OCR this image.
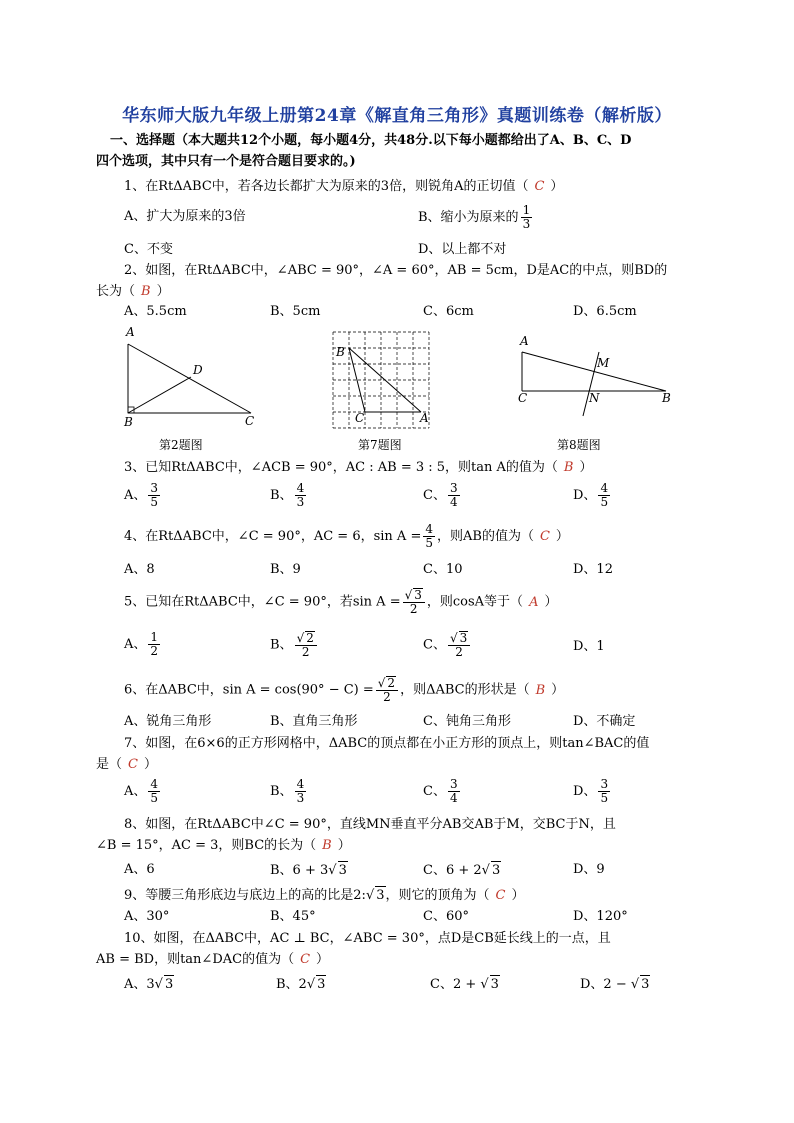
华东师大版九年级上册第24章《解直角三角形》真题训练卷（解析版）
一、选择题（本大题共12个小题，每小题4分，共48分.以下每小题都给出了A、B、C、D
四个选项，其中只有一个是符合题目要求的。)
1、在RtΔABC中，若各边长都扩大为原来的3倍，则锐角A的正切值（ C ）
A、扩大为原来的3倍	B、缩小为原来的 $\frac{1}{3}$
C、不变	D、以上都不对
2、如图，在RtΔABC中，∠ABC = 90°，∠A = 60°，AB = 5cm，D是AC的中点，则BD的
长为（ B ）
A、5.5cm	B、5cm	C、6cm	D、6.5cm
A
B	C
D
第2题图
B
C	A
第7题图
A
C	B
M
N
第8题图
3、已知RtΔABC中，∠ACB = 90°，AC : AB = 3 : 5，则tan A的值为（ B ）
A、 $\frac{3}{5}$	B、 $\frac{4}{3}$	C、 $\frac{3}{4}$	D、 $\frac{4}{5}$
4、在RtΔABC中，∠C = 90°，AC = 6，$\sin A = \frac{4}{5}$ ，则AB的值为（ C ）
A、8	B、9	C、10	D、12
5、已知在RtΔABC中，∠C = 90°，若$\sin A = \frac{√ 3}{2}$ ，则cosA等于（ A ）
A、 $\frac{1}{2}$	B、 $\frac{√ 2}{2}$	C、 $\frac{√ 3}{2}$	D、1
6、在ΔABC中，$\sin A = \cos(90^\circ - C) = \frac{√ 2}{2}$ ，则ΔABC的形状是（ B ）
A、锐角三角形	B、直角三角形	C、钝角三角形	D、不确定
7、如图，在6×6的正方形网格中，ΔABC的顶点都在小正方形的顶点上，则tan∠BAC的值
是（ C ）
A、 $\frac{4}{5}$	B、 $\frac{4}{3}$	C、 $\frac{3}{4}$	D、 $\frac{3}{5}$
8、如图，在RtΔABC中∠C = 90°，直线MN垂直平分AB交AB于M，交BC于N，且
∠B = 15°，AC = 3，则BC的长为（ B ）
A、6	B、6 + 3√ 3	C、6 + 2√ 3	D、9
9、等腰三角形底边与底边上的高的比是2:√ 3，则它的顶角为（ C ）
A、30°	B、45°	C、60°	D、120°
10、如图，在ΔABC中，AC ⊥ BC，∠ABC = 30°，点D是CB延长线上的一点，且
AB = BD，则tan∠DAC的值为（ C ）
A、3√ 3	B、2√ 3	C、2 + √ 3	D、2 − √ 3
